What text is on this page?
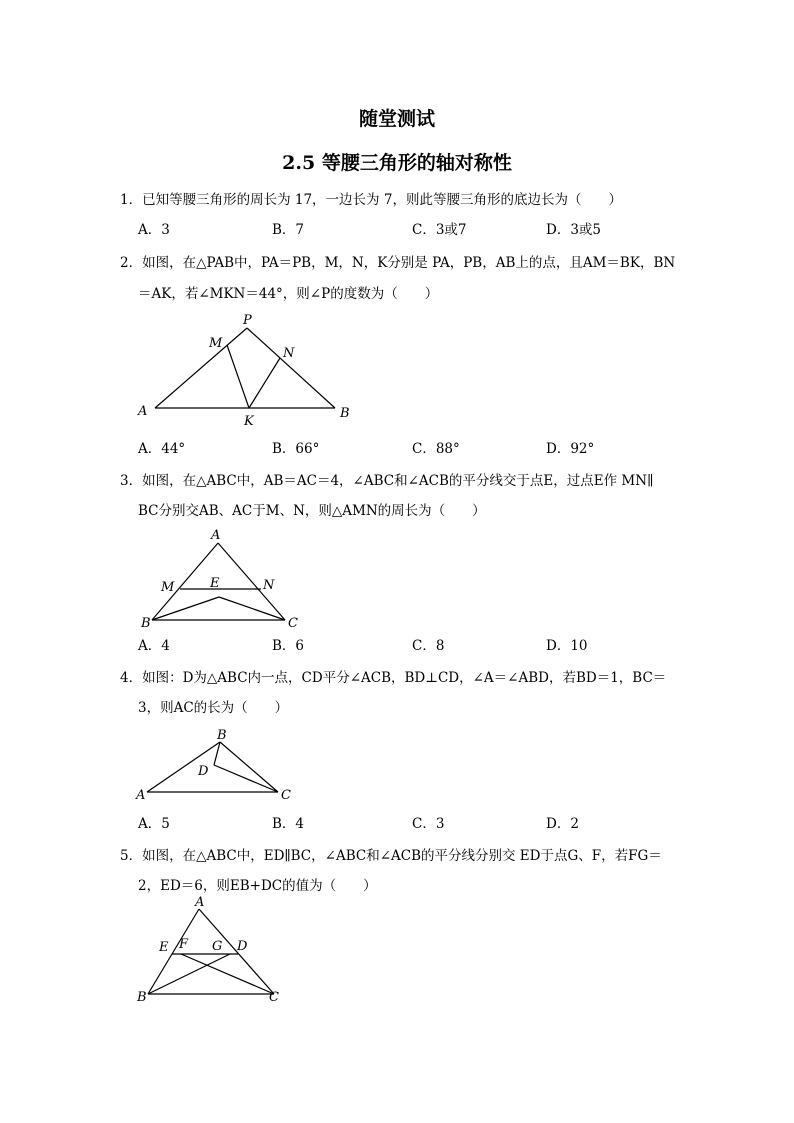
随堂测试
2.5 等腰三角形的轴对称性
1．已知等腰三角形的周长为 17，一边长为 7，则此等腰三角形的底边长为（　　）
A．3	B．7	C．3或7	D．3或5
2．如图，在△PAB中，PA＝PB，M，N，K分别是 PA，PB，AB上的点，且AM＝BK，BN
＝AK，若∠MKN＝44°，则∠P的度数为（　　）
P
M
N
A
K
B
A．44°	B．66°	C．88°	D．92°
3．如图，在△ABC中，AB＝AC＝4，∠ABC和∠ACB的平分线交于点E，过点E作 MN∥
BC分别交AB、AC于M、N，则△AMN的周长为（　　）
A
M	E	N
B	C
A．4	B．6	C．8	D．10
4．如图：D为△ABC内一点，CD平分∠ACB，BD⊥CD，∠A＝∠ABD，若BD＝1，BC＝
3，则AC的长为（　　）
B
D
A	C
A．5	B．4	C．3	D．2
5．如图，在△ABC中，ED∥BC，∠ABC和∠ACB的平分线分别交 ED于点G、F，若FG＝
2，ED＝6，则EB+DC的值为（　　）
A
E F G D
B	C
